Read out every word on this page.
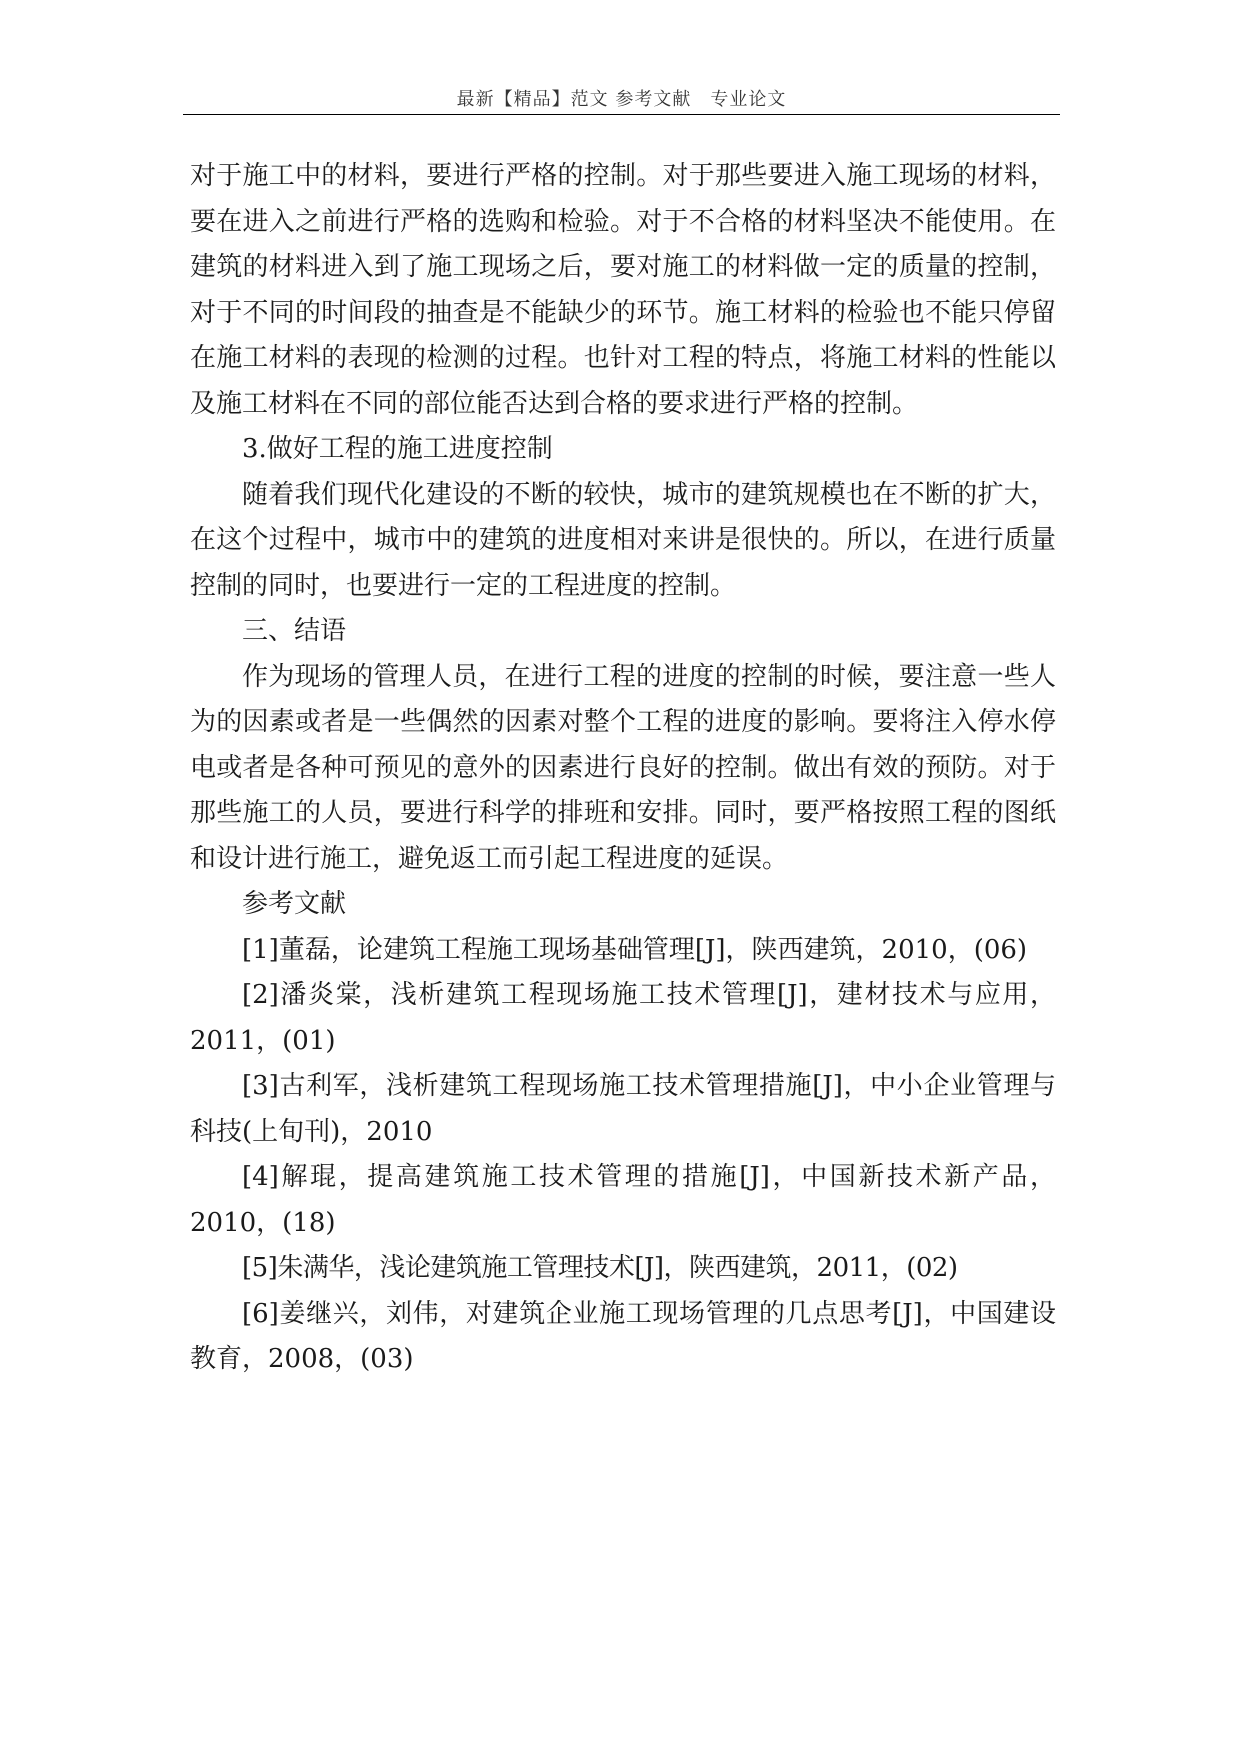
最新【精品】范文 参考文献　专业论文

对于施工中的材料，要进行严格的控制。对于那些要进入施工现场的材料，要在进入之前进行严格的选购和检验。对于不合格的材料坚决不能使用。在建筑的材料进入到了施工现场之后，要对施工的材料做一定的质量的控制，对于不同的时间段的抽查是不能缺少的环节。施工材料的检验也不能只停留在施工材料的表现的检测的过程。也针对工程的特点，将施工材料的性能以及施工材料在不同的部位能否达到合格的要求进行严格的控制。

3.做好工程的施工进度控制

随着我们现代化建设的不断的较快，城市的建筑规模也在不断的扩大，在这个过程中，城市中的建筑的进度相对来讲是很快的。所以，在进行质量控制的同时，也要进行一定的工程进度的控制。

三、结语

作为现场的管理人员，在进行工程的进度的控制的时候，要注意一些人为的因素或者是一些偶然的因素对整个工程的进度的影响。要将注入停水停电或者是各种可预见的意外的因素进行良好的控制。做出有效的预防。对于那些施工的人员，要进行科学的排班和安排。同时，要严格按照工程的图纸和设计进行施工，避免返工而引起工程进度的延误。

参考文献

[1]董磊，论建筑工程施工现场基础管理[J]，陕西建筑，2010，(06)

[2]潘炎棠，浅析建筑工程现场施工技术管理[J]，建材技术与应用，2011，(01)

[3]古利军，浅析建筑工程现场施工技术管理措施[J]，中小企业管理与科技(上旬刊)，2010

[4]解琨，提高建筑施工技术管理的措施[J]，中国新技术新产品，2010，(18)

[5]朱满华，浅论建筑施工管理技术[J]，陕西建筑，2011，(02)

[6]姜继兴，刘伟，对建筑企业施工现场管理的几点思考[J]，中国建设教育，2008，(03)
